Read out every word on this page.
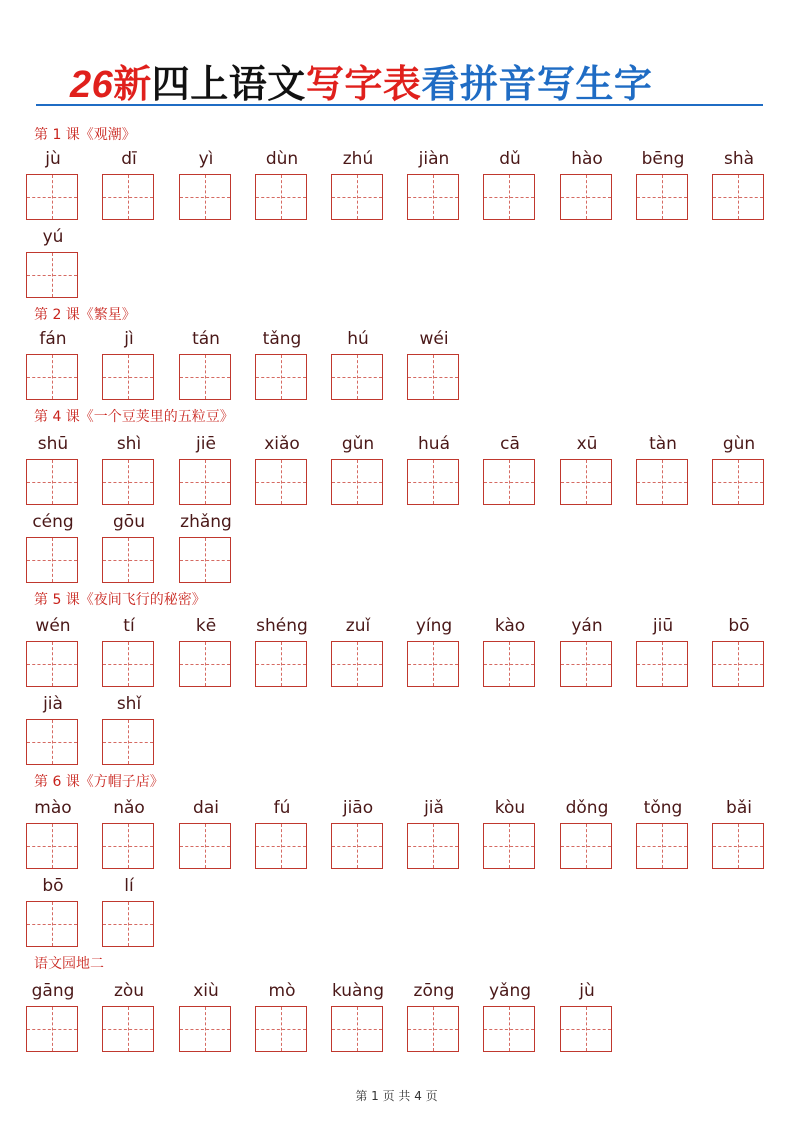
26新四上语文写字表看拼音写生字
第 1 课《观潮》
jù	dī	yì	dùn	zhú	jiàn	dǔ	hào	bēng	shà
yú
第 2 课《繁星》
fán	jì	tán	tǎng	hú	wéi
第 4 课《一个豆荚里的五粒豆》
shū	shì	jiē	xiǎo	gǔn	huá	cā	xū	tàn	gùn
céng	gōu	zhǎng
第 5 课《夜间飞行的秘密》
wén	tí	kē	shéng	zuǐ	yíng	kào	yán	jiū	bō
jià	shǐ
第 6 课《方帽子店》
mào	nǎo	dai	fú	jiāo	jiǎ	kòu	dǒng	tǒng	bǎi
bō	lí
语文园地二
gāng	zòu	xiù	mò	kuàng	zōng	yǎng	jù
第 1 页 共 4 页
